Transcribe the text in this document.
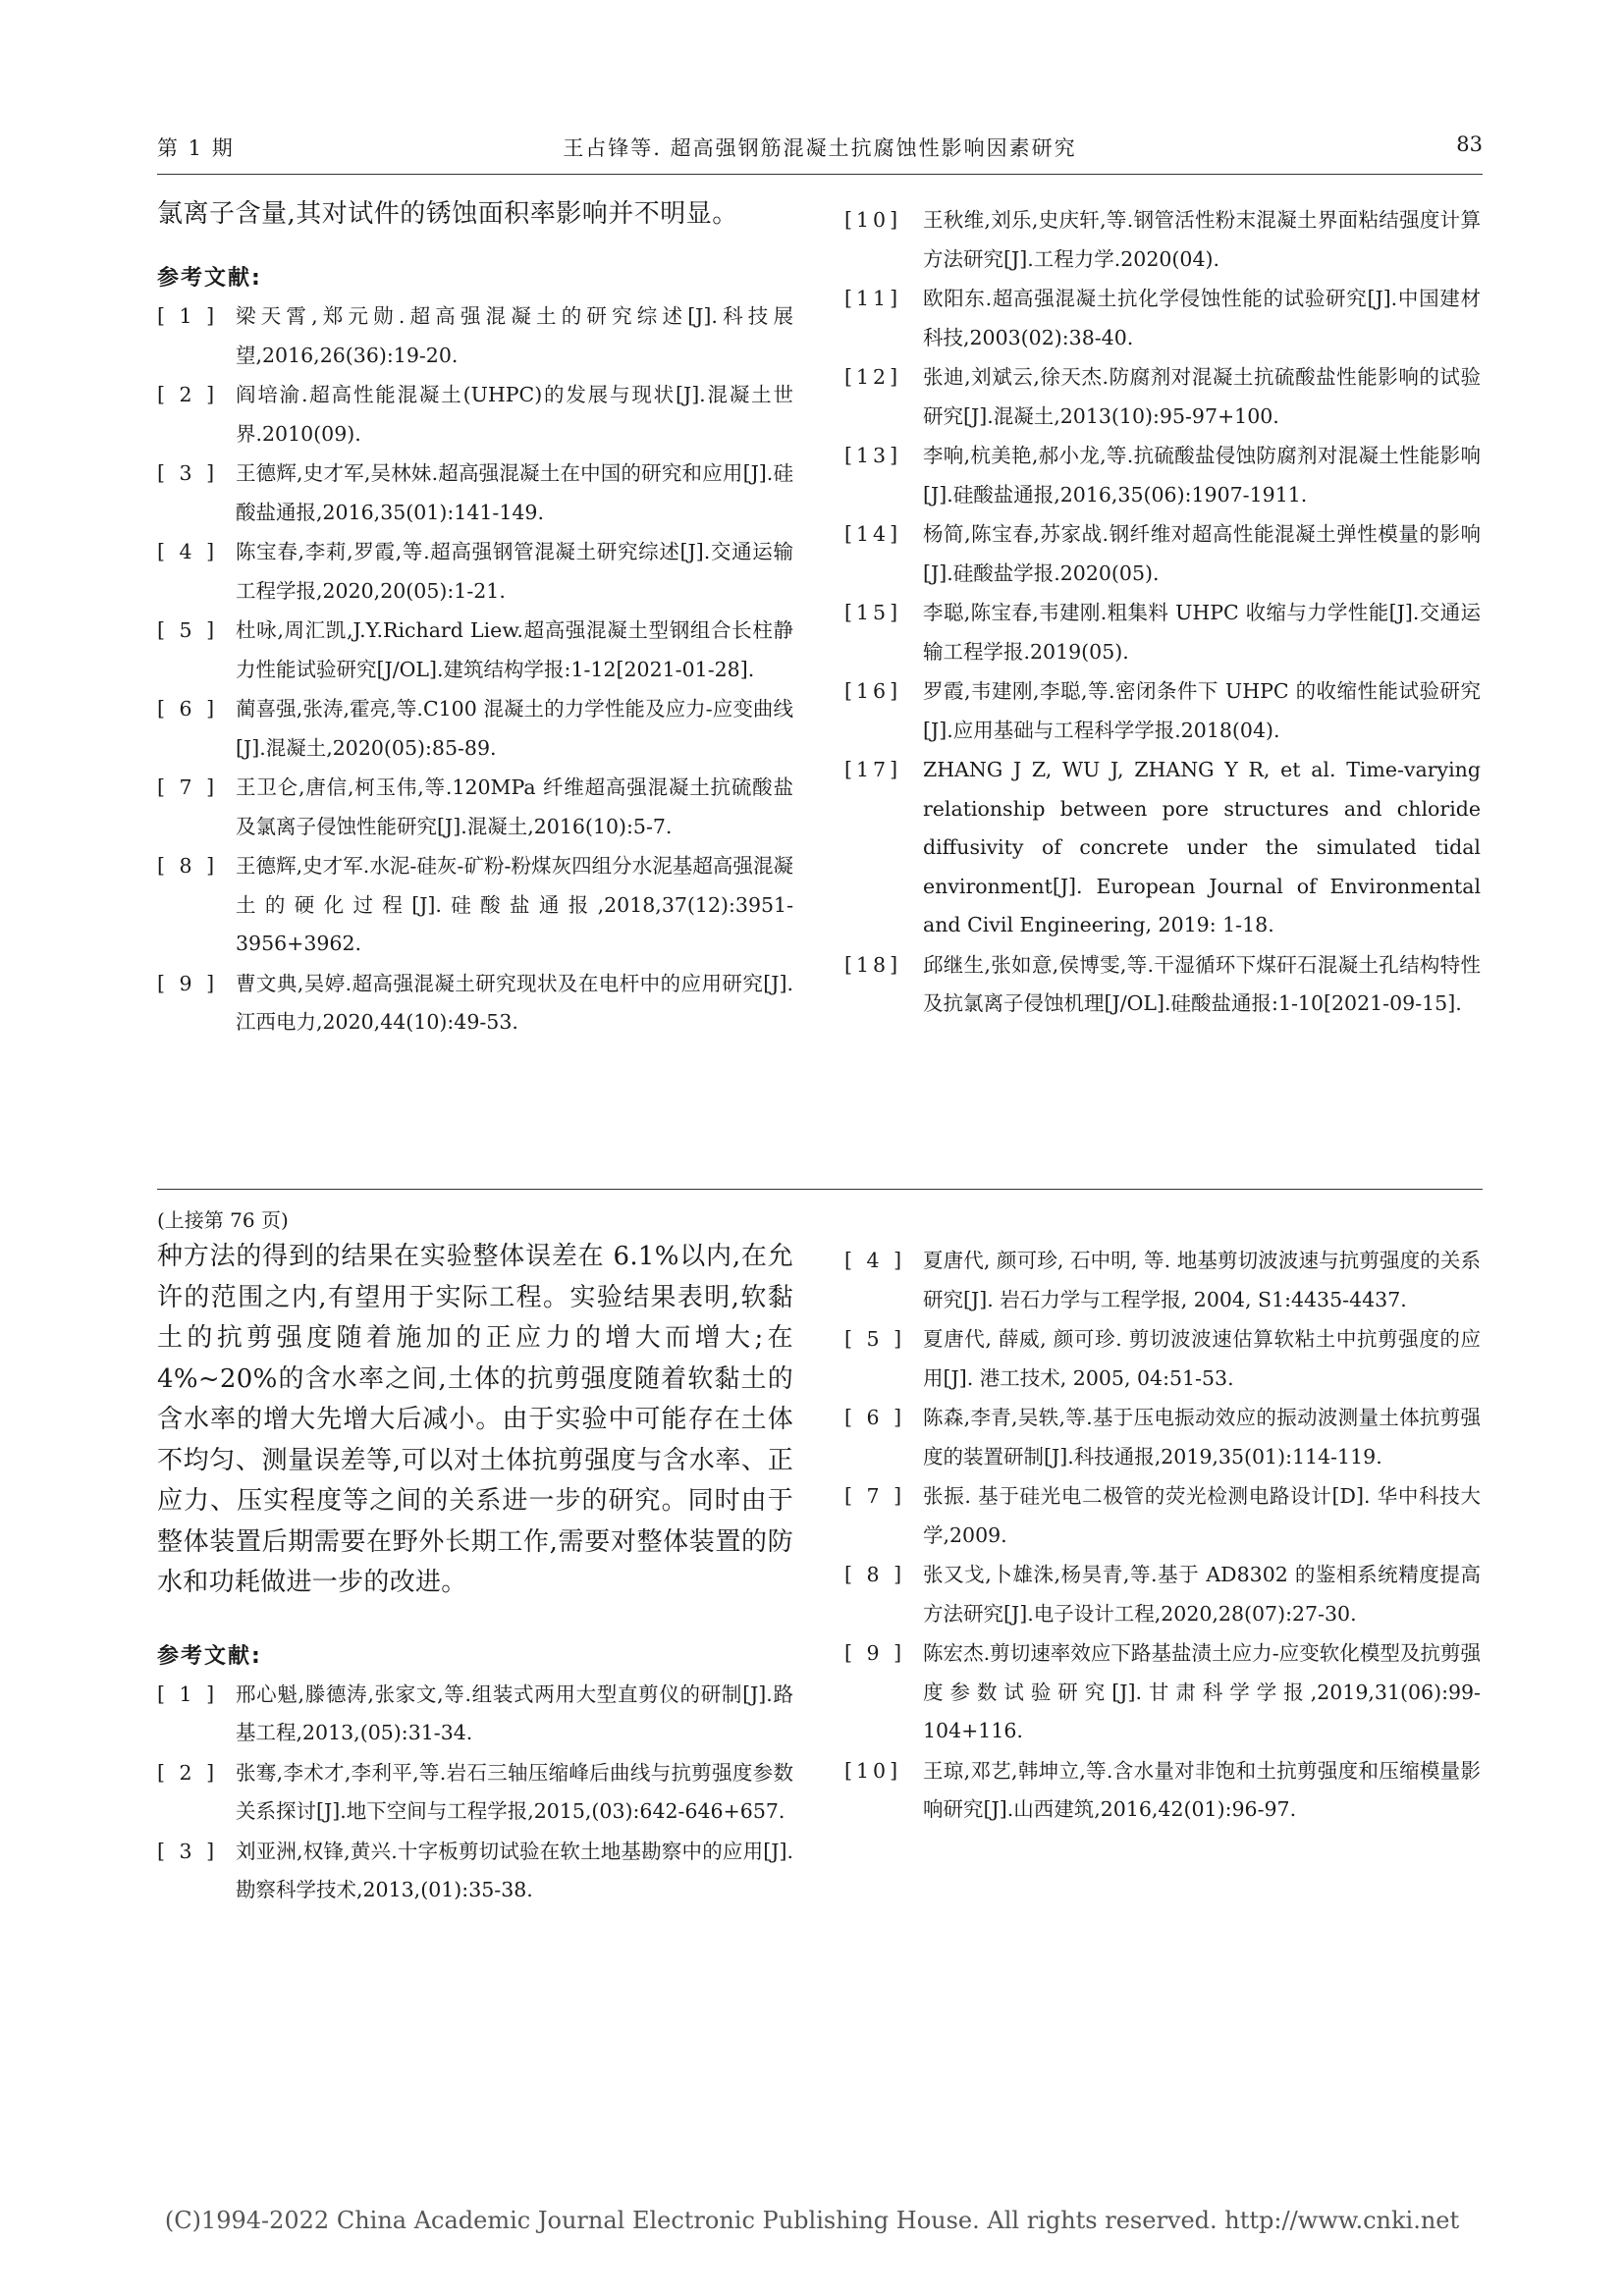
第 1 期	王占锋等. 超高强钢筋混凝土抗腐蚀性影响因素研究	83
氯离子含量,其对试件的锈蚀面积率影响并不明显。
参考文献:
[ 1 ] 梁天霄,郑元勋.超高强混凝土的研究综述[J].科技展望,2016,26(36):19-20.
[ 2 ] 阎培渝.超高性能混凝土(UHPC)的发展与现状[J].混凝土世界.2010(09).
[ 3 ] 王德辉,史才军,吴林妹.超高强混凝土在中国的研究和应用[J].硅酸盐通报,2016,35(01):141-149.
[ 4 ] 陈宝春,李莉,罗霞,等.超高强钢管混凝土研究综述[J].交通运输工程学报,2020,20(05):1-21.
[ 5 ] 杜咏,周汇凯,J.Y.Richard Liew.超高强混凝土型钢组合长柱静力性能试验研究[J/OL].建筑结构学报:1-12[2021-01-28].
[ 6 ] 蔺喜强,张涛,霍亮,等.C100 混凝土的力学性能及应力-应变曲线[J].混凝土,2020(05):85-89.
[ 7 ] 王卫仑,唐信,柯玉伟,等.120MPa 纤维超高强混凝土抗硫酸盐及氯离子侵蚀性能研究[J].混凝土,2016(10):5-7.
[ 8 ] 王德辉,史才军.水泥-硅灰-矿粉-粉煤灰四组分水泥基超高强混凝土的硬化过程[J].硅酸盐通报,2018,37(12):3951-3956+3962.
[ 9 ] 曹文典,吴婷.超高强混凝土研究现状及在电杆中的应用研究[J].江西电力,2020,44(10):49-53.
[10] 王秋维,刘乐,史庆轩,等.钢管活性粉末混凝土界面粘结强度计算方法研究[J].工程力学.2020(04).
[11] 欧阳东.超高强混凝土抗化学侵蚀性能的试验研究[J].中国建材科技,2003(02):38-40.
[12] 张迪,刘斌云,徐天杰.防腐剂对混凝土抗硫酸盐性能影响的试验研究[J].混凝土,2013(10):95-97+100.
[13] 李响,杭美艳,郝小龙,等.抗硫酸盐侵蚀防腐剂对混凝土性能影响[J].硅酸盐通报,2016,35(06):1907-1911.
[14] 杨简,陈宝春,苏家战.钢纤维对超高性能混凝土弹性模量的影响[J].硅酸盐学报.2020(05).
[15] 李聪,陈宝春,韦建刚.粗集料 UHPC 收缩与力学性能[J].交通运输工程学报.2019(05).
[16] 罗霞,韦建刚,李聪,等.密闭条件下 UHPC 的收缩性能试验研究[J].应用基础与工程科学学报.2018(04).
[17] ZHANG J Z, WU J, ZHANG Y R, et al. Time-varying relationship between pore structures and chloride diffusivity of concrete under the simulated tidal environment[J]. European Journal of Environmental and Civil Engineering, 2019: 1-18.
[18] 邱继生,张如意,侯博雯,等.干湿循环下煤矸石混凝土孔结构特性及抗氯离子侵蚀机理[J/OL].硅酸盐通报:1-10[2021-09-15].
(上接第 76 页)
种方法的得到的结果在实验整体误差在 6.1%以内,在允许的范围之内,有望用于实际工程。实验结果表明,软黏土的抗剪强度随着施加的正应力的增大而增大;在 4%~20%的含水率之间,土体的抗剪强度随着软黏土的含水率的增大先增大后减小。由于实验中可能存在土体不均匀、测量误差等,可以对土体抗剪强度与含水率、正应力、压实程度等之间的关系进一步的研究。同时由于整体装置后期需要在野外长期工作,需要对整体装置的防水和功耗做进一步的改进。
参考文献:
[ 1 ] 邢心魁,滕德涛,张家文,等.组装式两用大型直剪仪的研制[J].路基工程,2013,(05):31-34.
[ 2 ] 张骞,李术才,李利平,等.岩石三轴压缩峰后曲线与抗剪强度参数关系探讨[J].地下空间与工程学报,2015,(03):642-646+657.
[ 3 ] 刘亚洲,权锋,黄兴.十字板剪切试验在软土地基勘察中的应用[J].勘察科学技术,2013,(01):35-38.
[ 4 ] 夏唐代, 颜可珍, 石中明, 等. 地基剪切波波速与抗剪强度的关系研究[J]. 岩石力学与工程学报, 2004, S1:4435-4437.
[ 5 ] 夏唐代, 薛威, 颜可珍. 剪切波波速估算软粘土中抗剪强度的应用[J]. 港工技术, 2005, 04:51-53.
[ 6 ] 陈森,李青,吴轶,等.基于压电振动效应的振动波测量土体抗剪强度的装置研制[J].科技通报,2019,35(01):114-119.
[ 7 ] 张振. 基于硅光电二极管的荧光检测电路设计[D]. 华中科技大学,2009.
[ 8 ] 张又戈,卜雄洙,杨昊青,等.基于 AD8302 的鉴相系统精度提高方法研究[J].电子设计工程,2020,28(07):27-30.
[ 9 ] 陈宏杰.剪切速率效应下路基盐渍土应力-应变软化模型及抗剪强度参数试验研究[J].甘肃科学学报,2019,31(06):99-104+116.
[10] 王琼,邓艺,韩坤立,等.含水量对非饱和土抗剪强度和压缩模量影响研究[J].山西建筑,2016,42(01):96-97.
(C)1994-2022 China Academic Journal Electronic Publishing House. All rights reserved. http://www.cnki.net
